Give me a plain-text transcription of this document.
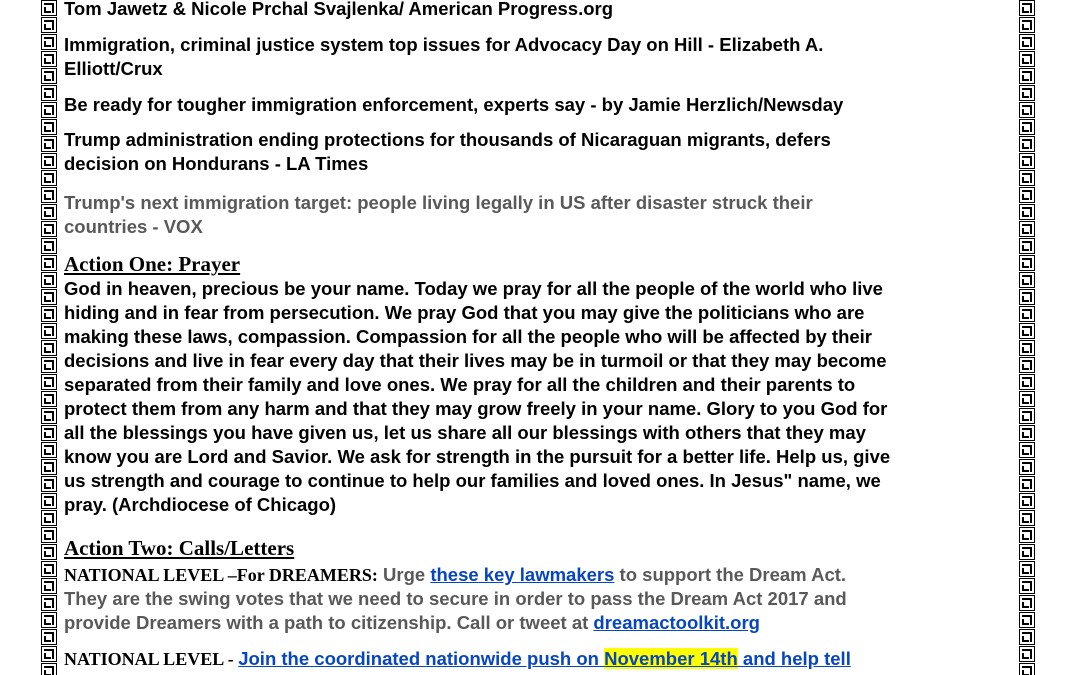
Tom Jawetz & Nicole Prchal Svajlenka/ American Progress.org

Immigration, criminal justice system top issues for Advocacy Day on Hill - Elizabeth A.
Elliott/Crux

Be ready for tougher immigration enforcement, experts say - by Jamie Herzlich/Newsday

Trump administration ending protections for thousands of Nicaraguan migrants, defers
decision on Hondurans - LA Times

Trump's next immigration target: people living legally in US after disaster struck their
countries - VOX

Action One: Prayer

God in heaven, precious be your name. Today we pray for all the people of the world who live

hiding and in fear from persecution. We pray God that you may give the politicians who are

making these laws, compassion. Compassion for all the people who will be affected by their

decisions and live in fear every day that their lives may be in turmoil or that they may become

separated from their family and love ones. We pray for all the children and their parents to

protect them from any harm and that they may grow freely in your name. Glory to you God for

all the blessings you have given us, let us share all our blessings with others that they may

know you are Lord and Savior. We ask for strength in the pursuit for a better life. Help us, give

us strength and courage to continue to help our families and loved ones. In Jesus" name, we

pray. (Archdiocese of Chicago)

Action Two: Calls/Letters

NATIONAL LEVEL –For DREAMERS: Urge these key lawmakers to support the Dream Act.

They are the swing votes that we need to secure in order to pass the Dream Act 2017 and

provide Dreamers with a path to citizenship. Call or tweet at dreamactoolkit.org

NATIONAL LEVEL - Join the coordinated nationwide push on November 14th and help tell
